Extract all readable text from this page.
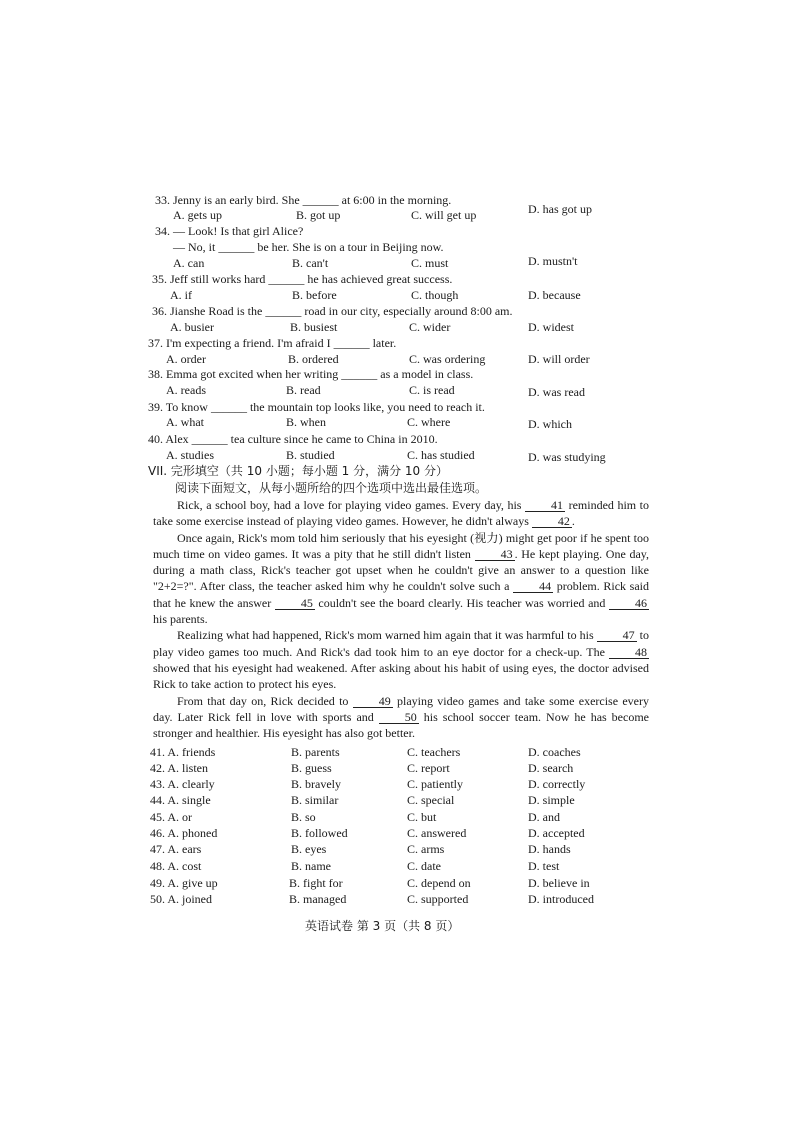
33. Jenny is an early bird. She ______ at 6:00 in the morning.
A. gets up	B. got up	C. will get up	D. has got up
34. — Look! Is that girl Alice?
— No, it ______ be her. She is on a tour in Beijing now.
A. can	B. can't	C. must	D. mustn't
35. Jeff still works hard ______ he has achieved great success.
A. if	B. before	C. though	D. because
36. Jianshe Road is the ______ road in our city, especially around 8:00 am.
A. busier	B. busiest	C. wider	D. widest
37. I'm expecting a friend. I'm afraid I ______ later.
A. order	B. ordered	C. was ordering	D. will order
38. Emma got excited when her writing ______ as a model in class.
A. reads	B. read	C. is read	D. was read
39. To know ______ the mountain top looks like, you need to reach it.
A. what	B. when	C. where	D. which
40. Alex ______ tea culture since he came to China in 2010.
A. studies	B. studied	C. has studied	D. was studying
VII. 完形填空（共 10 小题；每小题 1 分，满分 10 分）
阅读下面短文，从每小题所给的四个选项中选出最佳选项。

Rick, a school boy, had a love for playing video games. Every day, his 41 reminded him to take some exercise instead of playing video games. However, he didn't always 42 .

Once again, Rick's mom told him seriously that his eyesight (视力) might get poor if he spent too much time on video games. It was a pity that he still didn't listen 43 . He kept playing. One day, during a math class, Rick's teacher got upset when he couldn't give an answer to a question like "2+2=?". After class, the teacher asked him why he couldn't solve such a 44 problem. Rick said that he knew the answer 45 couldn't see the board clearly. His teacher was worried and 46 his parents.

Realizing what had happened, Rick's mom warned him again that it was harmful to his 47 to play video games too much. And Rick's dad took him to an eye doctor for a check-up. The 48 showed that his eyesight had weakened. After asking about his habit of using eyes, the doctor advised Rick to take action to protect his eyes.

From that day on, Rick decided to 49 playing video games and take some exercise every day. Later Rick fell in love with sports and 50 his school soccer team. Now he has become stronger and healthier. His eyesight has also got better.

41. A. friends	B. parents	C. teachers	D. coaches
42. A. listen	B. guess	C. report	D. search
43. A. clearly	B. bravely	C. patiently	D. correctly
44. A. single	B. similar	C. special	D. simple
45. A. or	B. so	C. but	D. and
46. A. phoned	B. followed	C. answered	D. accepted
47. A. ears	B. eyes	C. arms	D. hands
48. A. cost	B. name	C. date	D. test
49. A. give up	B. fight for	C. depend on	D. believe in
50. A. joined	B. managed	C. supported	D. introduced
英语试卷 第 3 页（共 8 页）
